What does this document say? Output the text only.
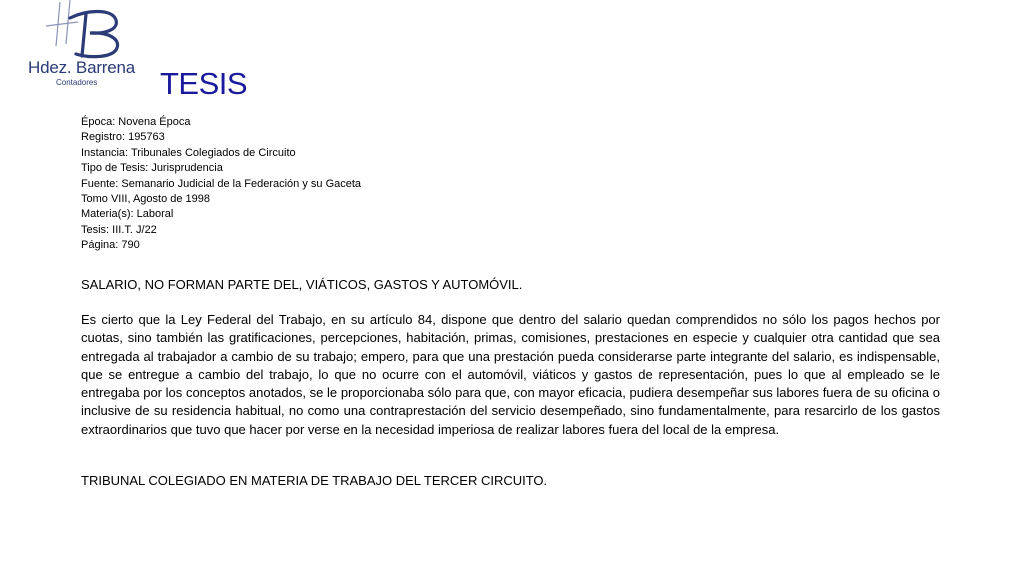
Hdez. Barrena
Contadores TESIS
Época: Novena Época
Registro: 195763
Instancia: Tribunales Colegiados de Circuito
Tipo de Tesis: Jurisprudencia
Fuente: Semanario Judicial de la Federación y su Gaceta
Tomo VIII, Agosto de 1998
Materia(s): Laboral
Tesis: III.T. J/22
Página: 790
SALARIO, NO FORMAN PARTE DEL, VIÁTICOS, GASTOS Y AUTOMÓVIL.

Es cierto que la Ley Federal del Trabajo, en su artículo 84, dispone que dentro del salario quedan comprendidos no sólo los pagos hechos por cuotas, sino también las gratificaciones, percepciones, habitación, primas, comisiones, prestaciones en especie y cualquier otra cantidad que sea entregada al trabajador a cambio de su trabajo; empero, para que una prestación pueda considerarse parte integrante del salario, es indispensable, que se entregue a cambio del trabajo, lo que no ocurre con el automóvil, viáticos y gastos de representación, pues lo que al empleado se le entregaba por los conceptos anotados, se le proporcionaba sólo para que, con mayor eficacia, pudiera desempeñar sus labores fuera de su oficina o inclusive de su residencia habitual, no como una contraprestación del servicio desempeñado, sino fundamentalmente, para resarcirlo de los gastos extraordinarios que tuvo que hacer por verse en la necesidad imperiosa de realizar labores fuera del local de la empresa.

TRIBUNAL COLEGIADO EN MATERIA DE TRABAJO DEL TERCER CIRCUITO.
